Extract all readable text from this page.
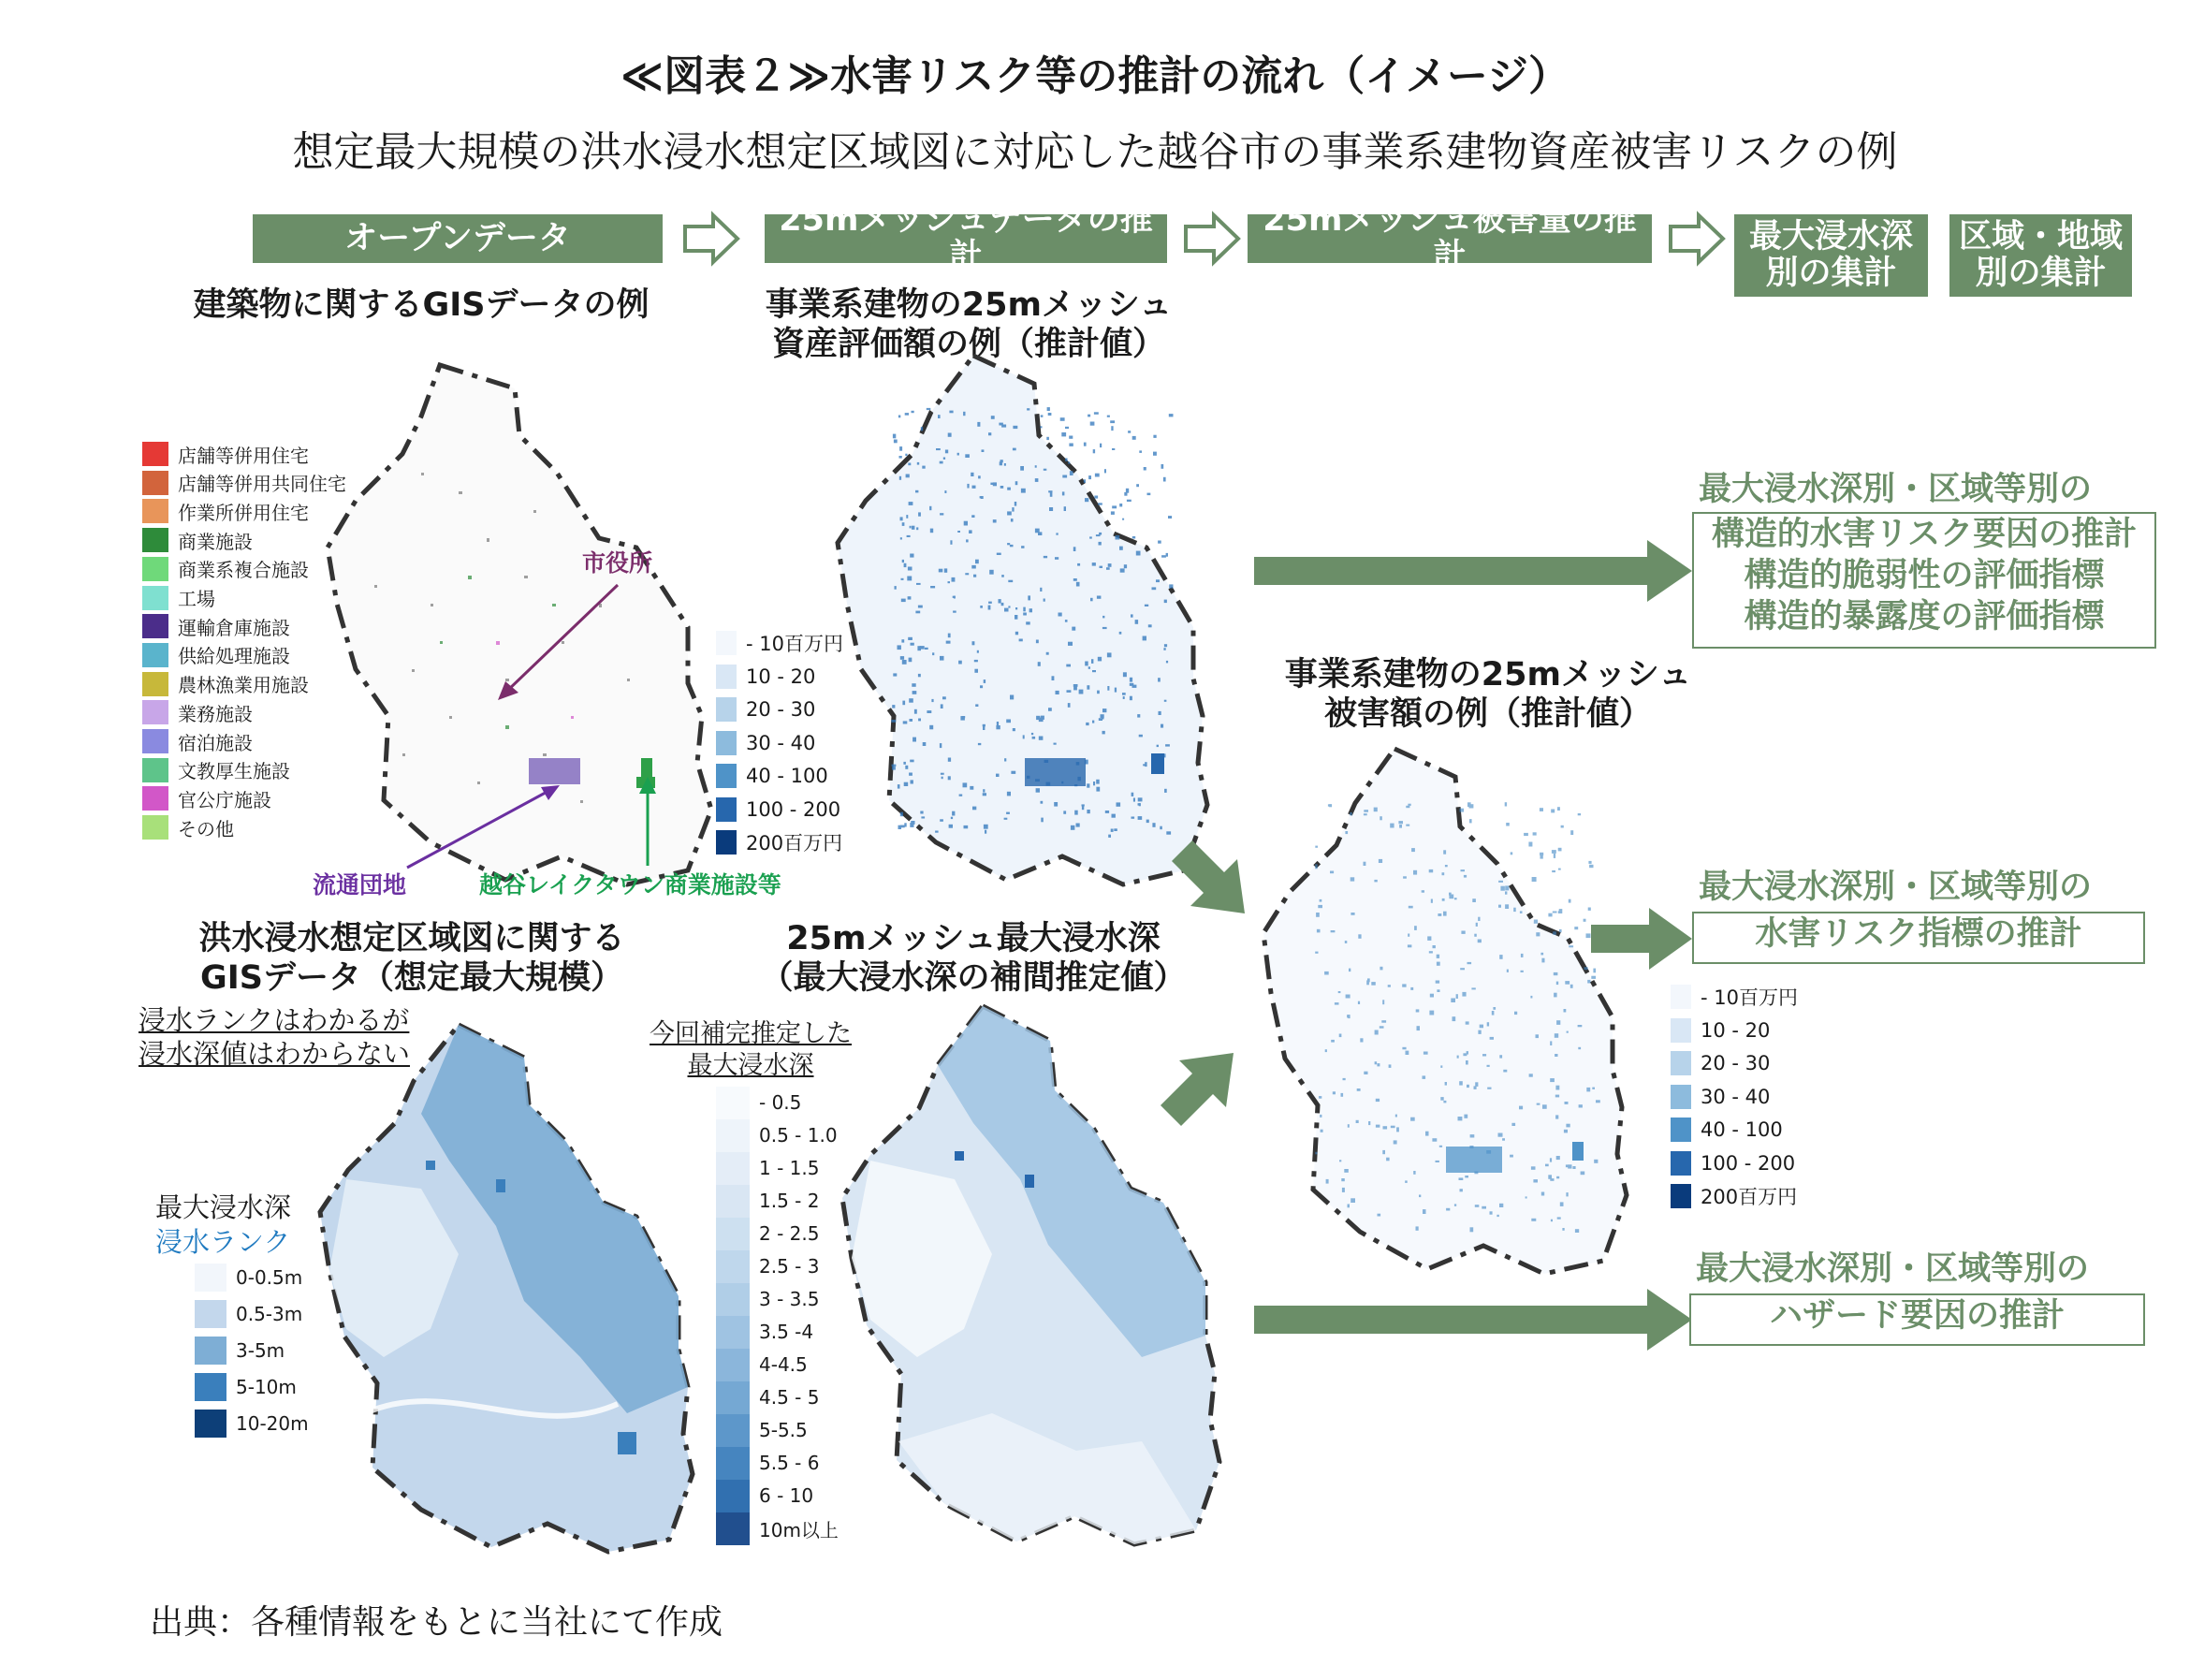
≪図表２≫水害リスク等の推計の流れ（イメージ）
想定最大規模の洪水浸水想定区域図に対応した越谷市の事業系建物資産被害リスクの例
オープンデータ	25mメッシュデータの推計
25mメッシュ被害量の推計
最大浸水深
別の集計
区域・地域
別の集計
建築物に関するGISデータの例	事業系建物の25mメッシュ
資産評価額の例（推計値）
事業系建物の25mメッシュ
被害額の例（推計値）
洪水浸水想定区域図に関する
GISデータ（想定最大規模）
25mメッシュ最大浸水深
（最大浸水深の補間推定値）
店舗等併用住宅
店舗等併用共同住宅
作業所併用住宅
商業施設
商業系複合施設
工場
運輸倉庫施設
供給処理施設
農林漁業用施設
業務施設
宿泊施設
文教厚生施設
官公庁施設
その他
市役所
流通団地	越谷レイクタウン商業施設等
- 10百万円
10 - 20
20 - 30
30 - 40
40 - 100
100 - 200
200百万円
- 10百万円
10 - 20
20 - 30
30 - 40
40 - 100
100 - 200
200百万円
浸水ランクはわかるが
浸水深値はわからない
最大浸水深
浸水ランク
0-0.5m
0.5-3m
3-5m
5-10m
10-20m
今回補完推定した
最大浸水深
- 0.5
0.5 - 1.0
1 - 1.5
1.5 - 2
2 - 2.5
2.5 - 3
3 - 3.5
3.5 -4
4-4.5
4.5 - 5
5-5.5
5.5 - 6
6 - 10
10m以上
最大浸水深別・区域等別の
構造的水害リスク要因の推計
構造的脆弱性の評価指標
構造的暴露度の評価指標
最大浸水深別・区域等別の
水害リスク指標の推計
最大浸水深別・区域等別の
ハザード要因の推計
出典：各種情報をもとに当社にて作成
